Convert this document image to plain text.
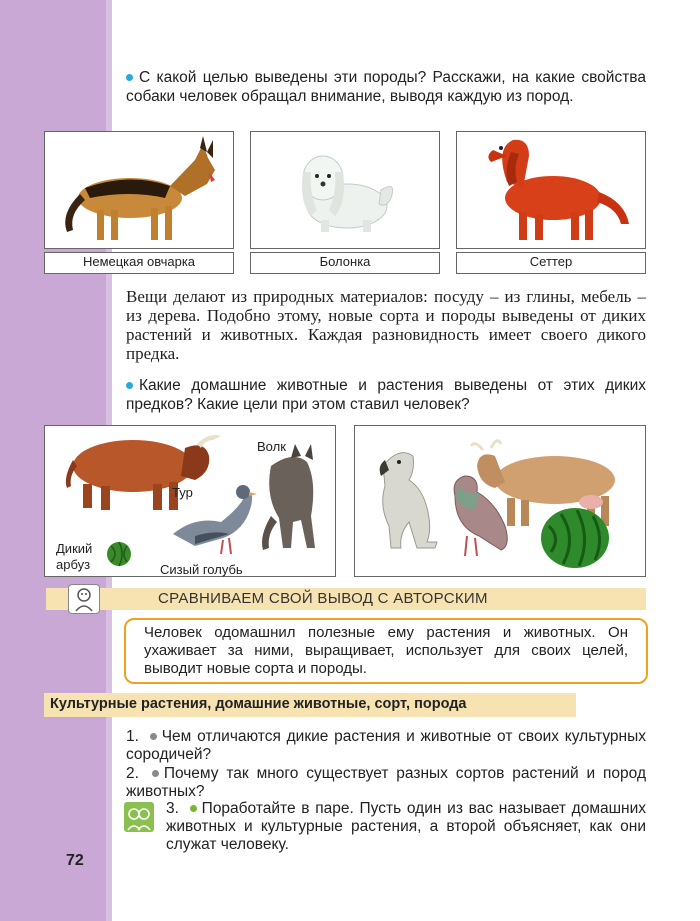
С какой целью выведены эти породы? Расскажи, на какие свойства собаки человек обращал внимание, выводя каждую из пород.
Немецкая овчарка	Болонка	Сеттер
Вещи делают из природных материалов: посуду – из глины, мебель – из дерева. Подобно этому, новые сорта и породы выведены от диких растений и животных. Каждая разновидность имеет своего дикого предка.
Какие домашние животные и растения выведены от этих диких предков? Какие цели при этом ставил человек?
Волк
Тур
Дикий
арбуз	Сизый голубь
СРАВНИВАЕМ СВОЙ ВЫВОД С АВТОРСКИМ
Человек одомашнил полезные ему растения и животных. Он ухаживает за ними, выращивает, использует для своих целей, выводит новые сорта и породы.
Культурные растения, домашние животные, сорт, порода
1. Чем отличаются дикие растения и животные от своих культурных сородичей?
2. Почему так много существует разных сортов растений и пород животных?
3. Поработайте в паре. Пусть один из вас называет домашних животных и культурные растения, а второй объясняет, как они служат человеку.
72
